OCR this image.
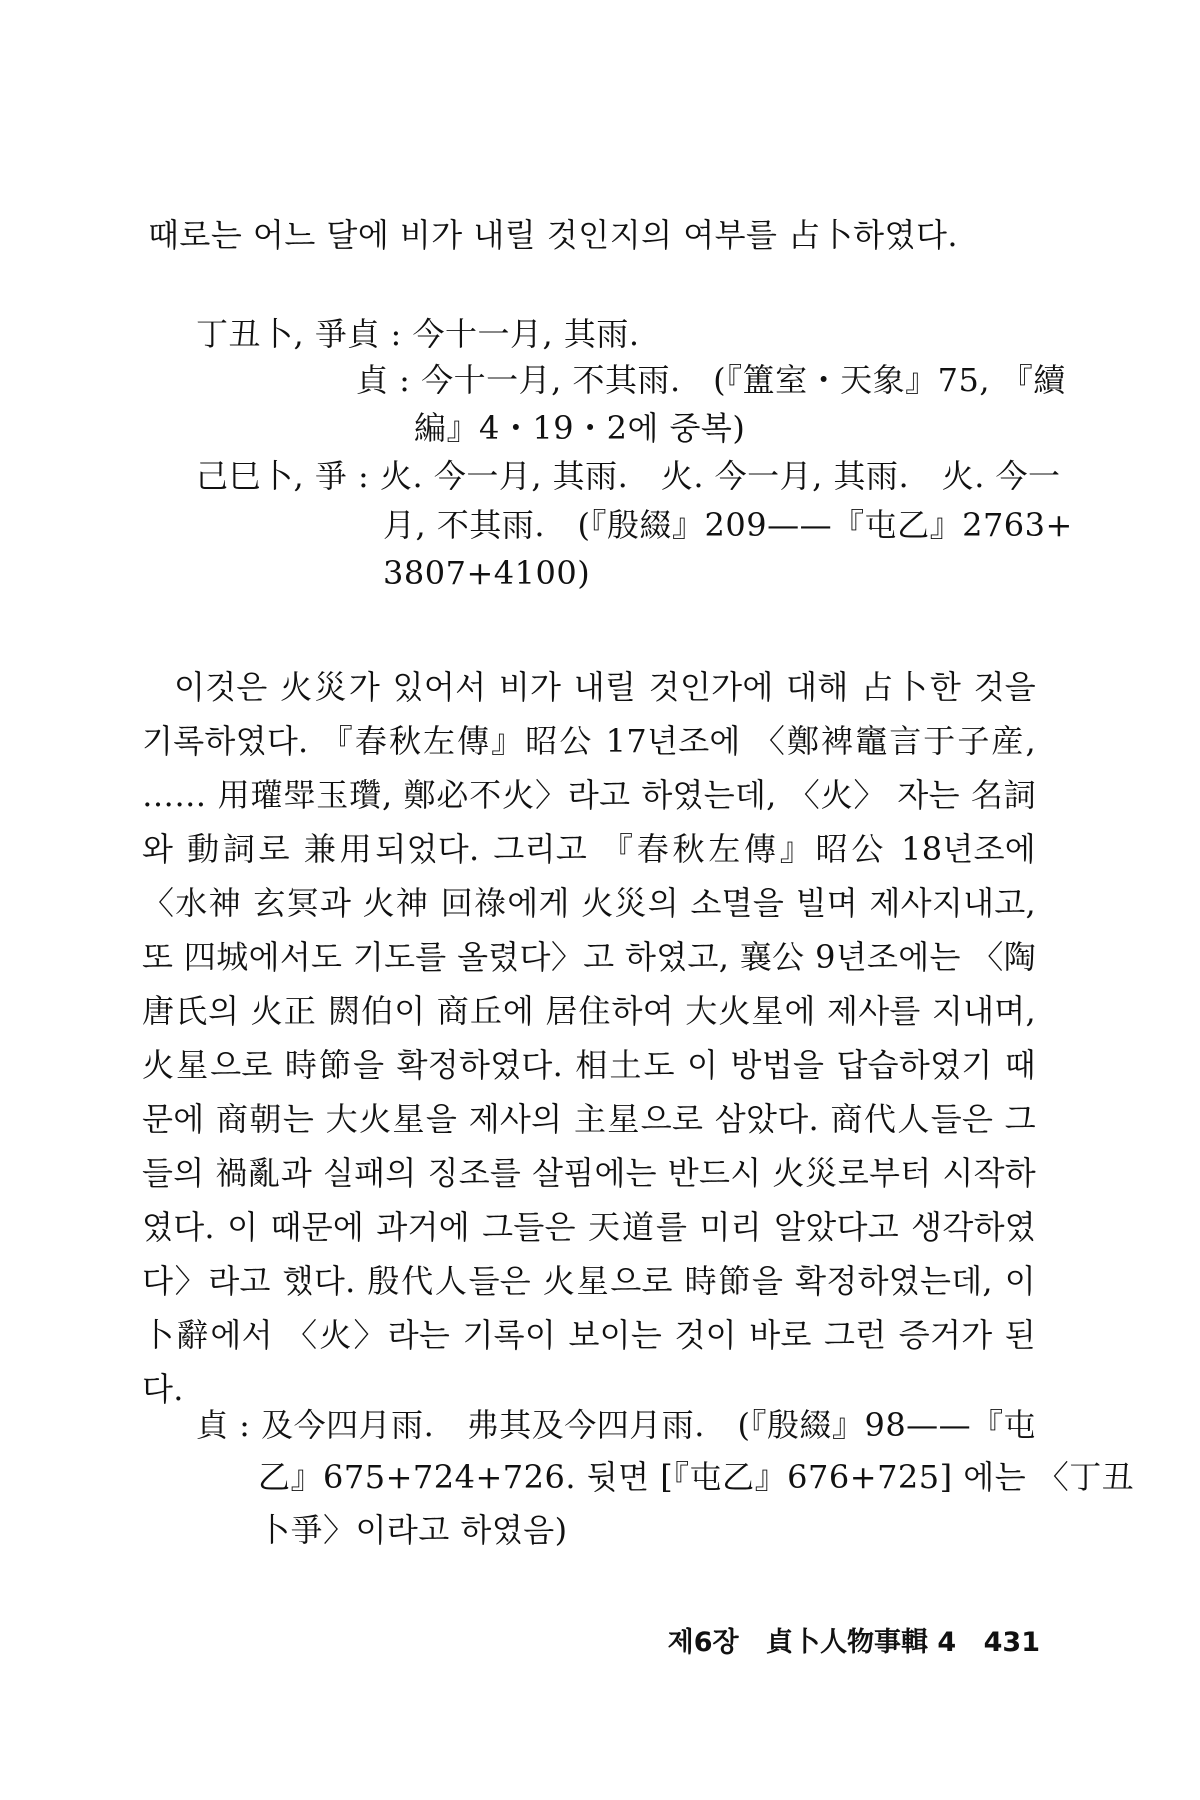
때로는 어느 달에 비가 내릴 것인지의 여부를 占卜하였다.
丁丑卜, 爭貞 : 今十一月, 其雨.
貞 : 今十一月, 不其雨.　(『簠室・天象』75, 『續
編』4・19・2에 중복)
己巳卜, 爭 : 火. 今一月, 其雨.　火. 今一月, 其雨.　火. 今一
月, 不其雨.　(『殷綴』209——『屯乙』2763+
3807+4100)
이것은 火災가 있어서 비가 내릴 것인가에 대해 占卜한 것을 기록하였다. 『春秋左傳』昭公 17년조에 〈鄭裨竈言于子産, …… 用瓘斝玉瓚, 鄭必不火〉라고 하였는데, 〈火〉 자는 名詞와 動詞로 兼用되었다. 그리고 『春秋左傳』昭公 18년조에 〈水神 玄冥과 火神 回祿에게 火災의 소멸을 빌며 제사지내고, 또 四城에서도 기도를 올렸다〉고 하였고, 襄公 9년조에는 〈陶唐氏의 火正 閼伯이 商丘에 居住하여 大火星에 제사를 지내며, 火星으로 時節을 확정하였다. 相土도 이 방법을 답습하였기 때문에 商朝는 大火星을 제사의 主星으로 삼았다. 商代人들은 그들의 禍亂과 실패의 징조를 살핌에는 반드시 火災로부터 시작하였다. 이 때문에 과거에 그들은 天道를 미리 알았다고 생각하였다〉라고 했다. 殷代人들은 火星으로 時節을 확정하였는데, 이 卜辭에서 〈火〉라는 기록이 보이는 것이 바로 그런 증거가 된다.
貞 : 及今四月雨.　弗其及今四月雨.　(『殷綴』98——『屯
乙』675+724+726. 뒷면 [『屯乙』676+725] 에는 〈丁丑
卜爭〉이라고 하였음)
제6장 貞卜人物事輯 4 431
